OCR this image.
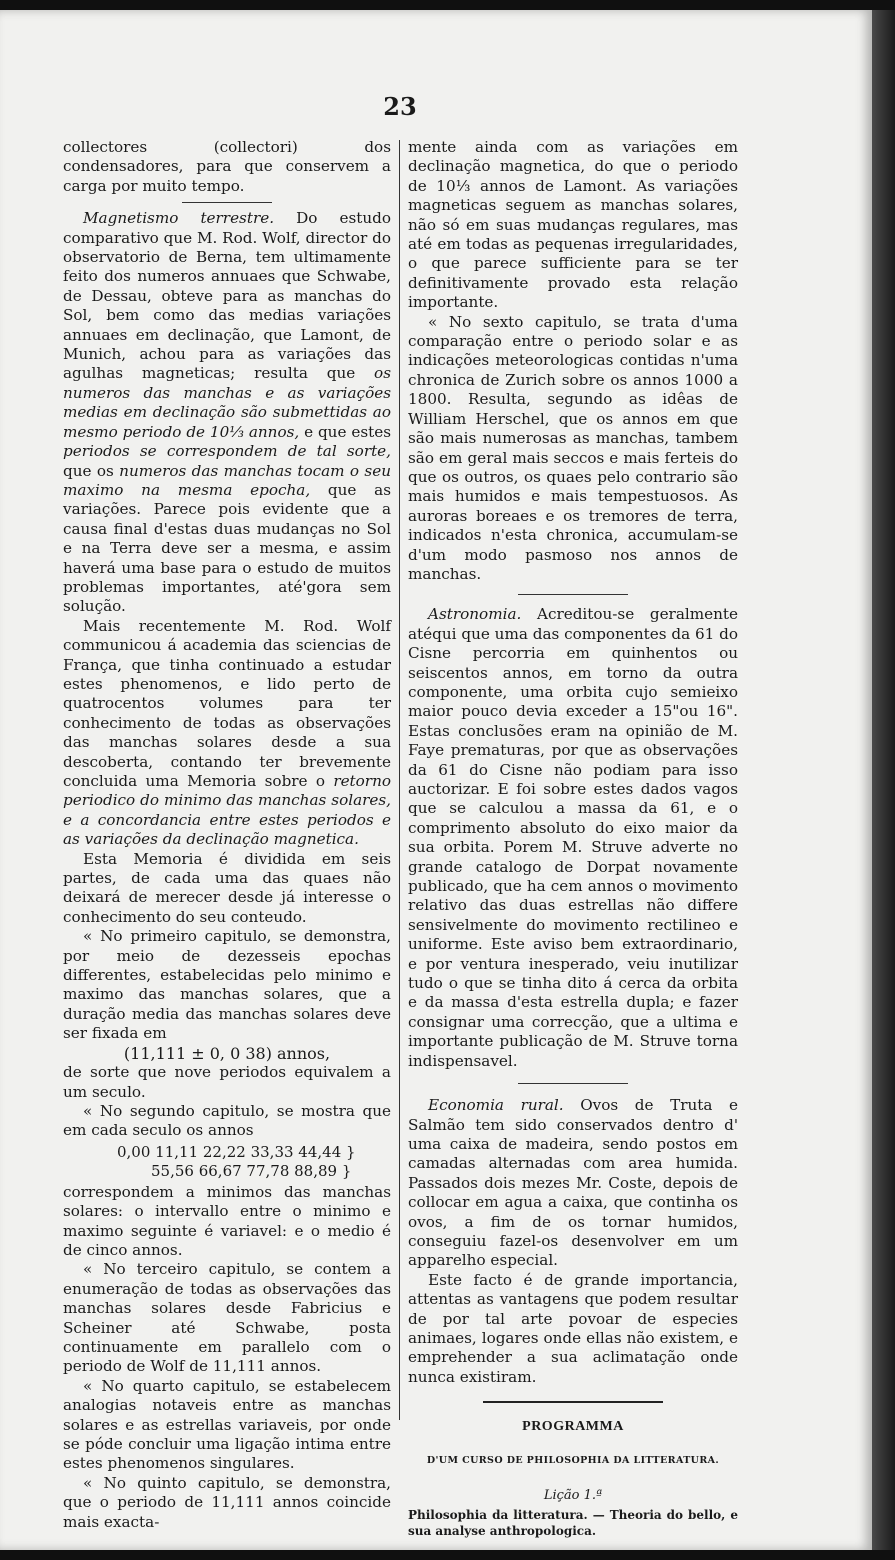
23

collectores (collectori) dos condensadores, para que conservem a carga por muito tempo.

Magnetismo terrestre. Do estudo comparativo que M. Rod. Wolf, director do observatorio de Berna, tem ultimamente feito dos numeros annuaes que Schwabe, de Dessau, obteve para as manchas do Sol, bem como das medias variações annuaes em declinação, que Lamont, de Munich, achou para as variações das agulhas magneticas; resulta que os numeros das manchas e as variações medias em declinação são submettidas ao mesmo periodo de 10⅓ annos, e que estes periodos se correspondem de tal sorte, que os numeros das manchas tocam o seu maximo na mesma epocha, que as variações. Parece pois evidente que a causa final d'estas duas mudanças no Sol e na Terra deve ser a mesma, e assim haverá uma base para o estudo de muitos problemas importantes, até'gora sem solução.

Mais recentemente M. Rod. Wolf communicou á academia das sciencias de França, que tinha continuado a estudar estes phenomenos, e lido perto de quatrocentos volumes para ter conhecimento de todas as observações das manchas solares desde a sua descoberta, contando ter brevemente concluida uma Memoria sobre o retorno periodico do minimo das manchas solares, e a concordancia entre estes periodos e as variações da declinação magnetica.

Esta Memoria é dividida em seis partes, de cada uma das quaes não deixará de merecer desde já interesse o conhecimento do seu conteudo.

« No primeiro capitulo, se demonstra, por meio de dezesseis epochas differentes, estabelecidas pelo minimo e maximo das manchas solares, que a duração media das manchas solares deve ser fixada em

(11,111 ± 0, 0 38) annos,

de sorte que nove periodos equivalem a um seculo.

« No segundo capitulo, se mostra que em cada seculo os annos

0,00 11,11 22,22 33,33 44,44 }
55,56 66,67 77,78 88,89 }

correspondem a minimos das manchas solares: o intervallo entre o minimo e maximo seguinte é variavel: e o medio é de cinco annos.

« No terceiro capitulo, se contem a enumeração de todas as observações das manchas solares desde Fabricius e Scheiner até Schwabe, posta continuamente em parallelo com o periodo de Wolf de 11,111 annos.

« No quarto capitulo, se estabelecem analogias notaveis entre as manchas solares e as estrellas variaveis, por onde se póde concluir uma ligação intima entre estes phenomenos singulares.

« No quinto capitulo, se demonstra, que o periodo de 11,111 annos coincide mais exacta-

mente ainda com as variações em declinação magnetica, do que o periodo de 10⅓ annos de Lamont. As variações magneticas seguem as manchas solares, não só em suas mudanças regulares, mas até em todas as pequenas irregularidades, o que parece sufficiente para se ter definitivamente provado esta relação importante.

« No sexto capitulo, se trata d'uma comparação entre o periodo solar e as indicações meteorologicas contidas n'uma chronica de Zurich sobre os annos 1000 a 1800. Resulta, segundo as idêas de William Herschel, que os annos em que são mais numerosas as manchas, tambem são em geral mais seccos e mais ferteis do que os outros, os quaes pelo contrario são mais humidos e mais tempestuosos. As auroras boreaes e os tremores de terra, indicados n'esta chronica, accumulam-se d'um modo pasmoso nos annos de manchas.

Astronomia. Acreditou-se geralmente atéqui que uma das componentes da 61 do Cisne percorria em quinhentos ou seiscentos annos, em torno da outra componente, uma orbita cujo semieixo maior pouco devia exceder a 15"ou 16". Estas conclusões eram na opinião de M. Faye prematuras, por que as observações da 61 do Cisne não podiam para isso auctorizar. E foi sobre estes dados vagos que se calculou a massa da 61, e o comprimento absoluto do eixo maior da sua orbita. Porem M. Struve adverte no grande catalogo de Dorpat novamente publicado, que ha cem annos o movimento relativo das duas estrellas não differe sensivelmente do movimento rectilineo e uniforme. Este aviso bem extraordinario, e por ventura inesperado, veiu inutilizar tudo o que se tinha dito á cerca da orbita e da massa d'esta estrella dupla; e fazer consignar uma correcção, que a ultima e importante publicação de M. Struve torna indispensavel.

Economia rural. Ovos de Truta e Salmão tem sido conservados dentro d' uma caixa de madeira, sendo postos em camadas alternadas com area humida. Passados dois mezes Mr. Coste, depois de collocar em agua a caixa, que continha os ovos, a fim de os tornar humidos, conseguiu fazel-os desenvolver em um apparelho especial.

Este facto é de grande importancia, attentas as vantagens que podem resultar de por tal arte povoar de especies animaes, logares onde ellas não existem, e emprehender a sua aclimatação onde nunca existiram.

PROGRAMMA
D'UM CURSO DE PHILOSOPHIA DA LITTERATURA.
Lição 1.ª
Philosophia da litteratura. — Theoria do bello, e sua analyse anthropologica.
